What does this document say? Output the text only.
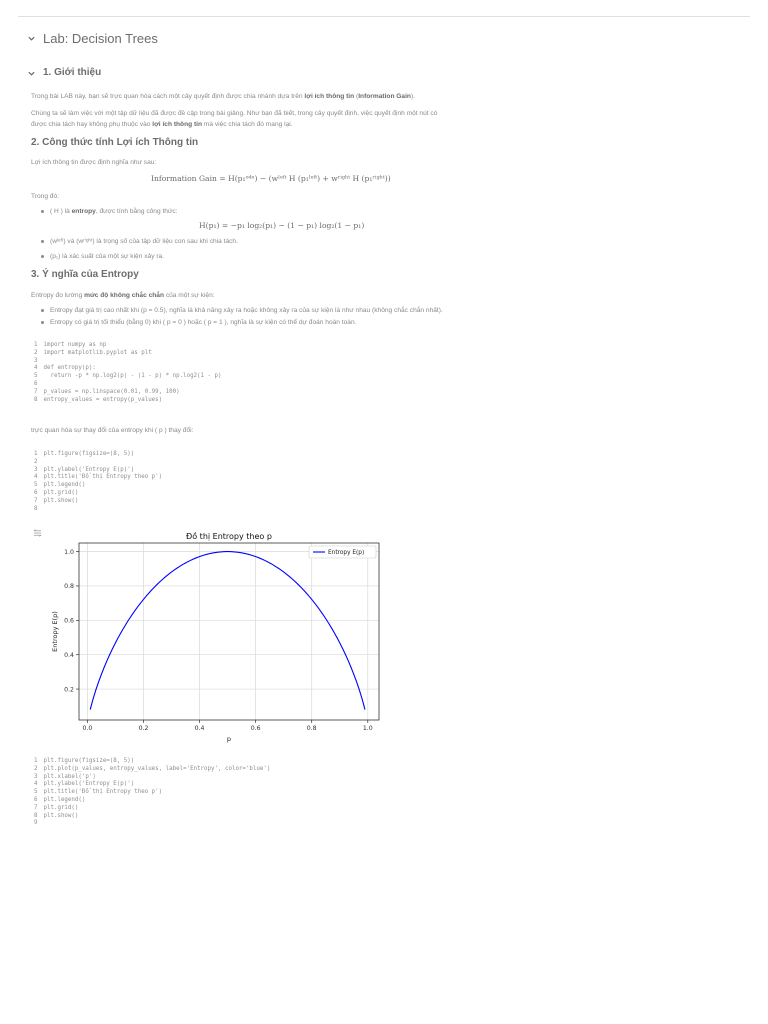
Lab: Decision Trees
1. Giới thiệu
Trong bài LAB này, bạn sẽ trực quan hóa cách một cây quyết định được chia nhánh dựa trên lợi ích thông tin (Information Gain).
Chúng ta sẽ làm việc với một tập dữ liệu đã được đề cập trong bài giảng. Như bạn đã biết, trong cây quyết định, việc quyết định một nút có
được chia tách hay không phụ thuộc vào lợi ích thông tin mà việc chia tách đó mang lại.
2. Công thức tính Lợi ích Thông tin
Lợi ích thông tin được định nghĩa như sau:
Information Gain = H(p₁ᵒᵈᵉ) − (wˡᵉᶠᵗ H (p₁ˡᵉᶠᵗ) + wʳⁱᵍʰᵗ H (p₁ʳⁱᵍʰᵗ))
Trong đó:
( H ) là entropy, được tính bằng công thức:
H(p₁) = −p₁ log₂(p₁) − (1 − p₁) log₂(1 − p₁)
(wˡᵉᶠᵗ) và (wʳⁱᵍʰᵗ) là trọng số của tập dữ liệu con sau khi chia tách.
(p₁) là xác suất của một sự kiện xảy ra.
3. Ý nghĩa của Entropy
Entropy đo lường mức độ không chắc chắn của một sự kiện:
Entropy đạt giá trị cao nhất khi (p = 0.5), nghĩa là khả năng xảy ra hoặc không xảy ra của sự kiện là như nhau (không chắc chắn nhất).
Entropy có giá trị tối thiểu (bằng 0) khi ( p = 0 ) hoặc ( p = 1 ), nghĩa là sự kiện có thể dự đoán hoàn toàn.
1 import numpy as np
2 import matplotlib.pyplot as plt
3
4 def entropy(p):
5   return -p * np.log2(p) - (1 - p) * np.log2(1 - p)
6
7 p_values = np.linspace(0.01, 0.99, 100)
8 entropy_values = entropy(p_values)
trực quan hóa sự thay đổi của entropy khi ( p ) thay đổi:
1 plt.figure(figsize=(8, 5))
2
3 plt.ylabel('Entropy E(p)')
4 plt.title('Đồ thị Entropy theo p')
5 plt.legend()
6 plt.grid()
7 plt.show()
8
0.0	0.2	0.4	0.6	0.8	1.0
0.2
0.4
0.6
0.8
1.0
Đồ thị Entropy theo p
p
Entropy E(p)
Entropy E(p)
1 plt.figure(figsize=(8, 5))
2 plt.plot(p_values, entropy_values, label='Entropy', color='blue')
3 plt.xlabel('p')
4 plt.ylabel('Entropy E(p)')
5 plt.title('Đồ thị Entropy theo p')
6 plt.legend()
7 plt.grid()
8 plt.show()
9
